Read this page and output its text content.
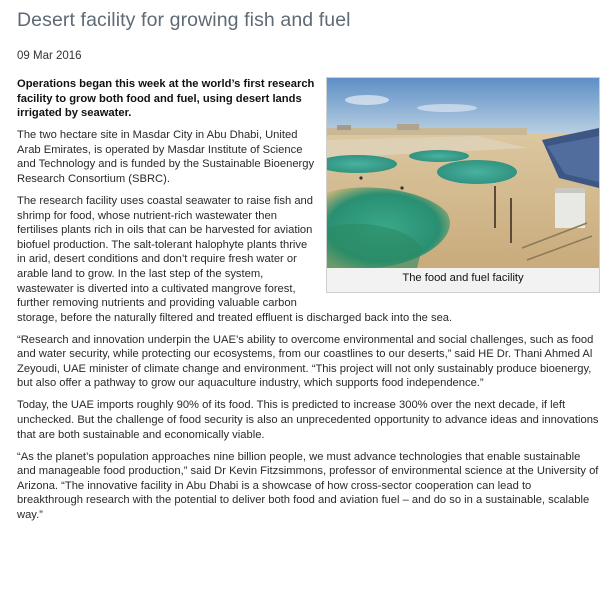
Desert facility for growing fish and fuel
09 Mar 2016
The food and fuel facility

Operations began this week at the world’s first research facility to grow both food and fuel, using desert lands irrigated by seawater.

The two hectare site in Masdar City in Abu Dhabi, United Arab Emirates, is operated by Masdar Institute of Science and Technology and is funded by the Sustainable Bioenergy Research Consortium (SBRC).

The research facility uses coastal seawater to raise fish and shrimp for food, whose nutrient-rich wastewater then fertilises plants rich in oils that can be harvested for aviation biofuel production. The salt-tolerant halophyte plants thrive in arid, desert conditions and don’t require fresh water or arable land to grow. In the last step of the system, wastewater is diverted into a cultivated mangrove forest, further removing nutrients and providing valuable carbon storage, before the naturally filtered and treated effluent is discharged back into the sea.

“Research and innovation underpin the UAE’s ability to overcome environmental and social challenges, such as food and water security, while protecting our ecosystems, from our coastlines to our deserts,” said HE Dr. Thani Ahmed Al Zeyoudi, UAE minister of climate change and environment. “This project will not only sustainably produce bioenergy, but also offer a pathway to grow our aquaculture industry, which supports food independence.”

Today, the UAE imports roughly 90% of its food. This is predicted to increase 300% over the next decade, if left unchecked. But the challenge of food security is also an unprecedented opportunity to advance ideas and innovations that are both sustainable and economically viable.

“As the planet’s population approaches nine billion people, we must advance technologies that enable sustainable and manageable food production,” said Dr Kevin Fitzsimmons, professor of environmental science at the University of Arizona. “The innovative facility in Abu Dhabi is a showcase of how cross-sector cooperation can lead to breakthrough research with the potential to deliver both food and aviation fuel – and do so in a sustainable, scalable way.”
